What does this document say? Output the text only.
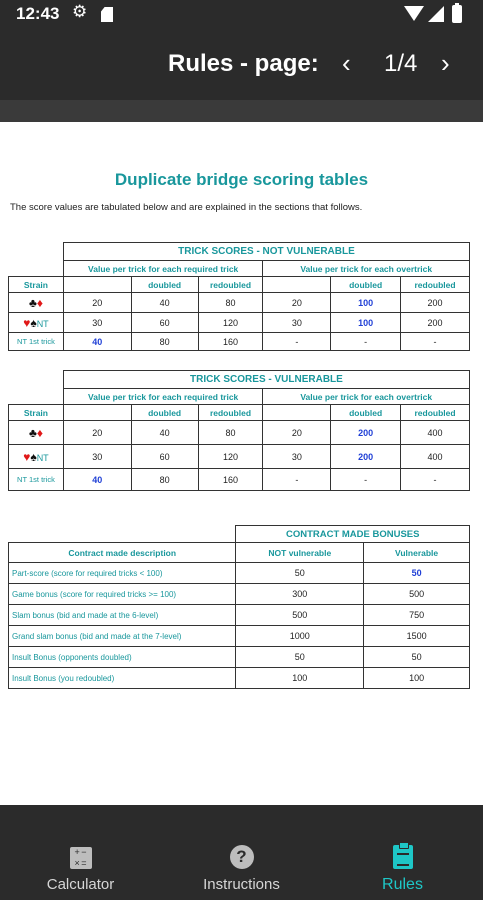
12:43 ⚙
Rules - page: ‹ 1/4 ›
Duplicate bridge scoring tables
The score values are tabulated below and are explained in the sections that follows.
	TRICK SCORES - NOT VULNERABLE					
	Value per trick for each required trick			Value per trick for each overtrick		
Strain		doubled	redoubled		doubled	redoubled
♣♦	20	40	80	20	100	200
♥♠NT	30	60	120	30	100	200
NT 1st trick	40	80	160	-	-	-
	TRICK SCORES - VULNERABLE					
	Value per trick for each required trick			Value per trick for each overtrick		
Strain		doubled	redoubled		doubled	redoubled
♣♦	20	40	80	20	200	400
♥♠NT	30	60	120	30	200	400
NT 1st trick	40	80	160	-	-	-
	CONTRACT MADE BONUSES	
Contract made description	NOT vulnerable	Vulnerable
Part-score (score for required tricks < 100)	50	50
Game bonus (score for required tricks >= 100)	300	500
Slam bonus (bid and made at the 6-level)	500	750
Grand slam bonus (bid and made at the 7-level)	1000	1500
Insult Bonus (opponents doubled)	50	50
Insult Bonus (you redoubled)	100	100
+ − × =
Calculator
?
Instructions	Rules
